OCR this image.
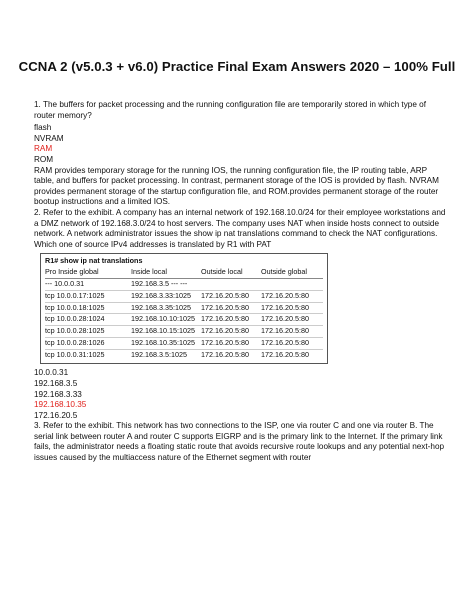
CCNA 2 (v5.0.3 + v6.0) Practice Final Exam Answers 2020 – 100% Full
1. The buffers for packet processing and the running configuration file are temporarily stored in which type of router memory?
flash
NVRAM
RAM
ROM
RAM provides temporary storage for the running IOS, the running configuration file, the IP routing table, ARP table, and buffers for packet processing. In contrast, permanent storage of the IOS is provided by flash. NVRAM provides permanent storage of the startup configuration file, and ROM.provides permanent storage of the router bootup instructions and a limited IOS.
2. Refer to the exhibit. A company has an internal network of 192.168.10.0/24 for their employee workstations and a DMZ network of 192.168.3.0/24 to host servers. The company uses NAT when inside hosts connect to outside network. A network administrator issues the show ip nat translations command to check the NAT configurations. Which one of source IPv4 addresses is translated by R1 with PAT
R1# show ip nat translations
Pro Inside global	Inside local	Outside local	Outside global
--- 10.0.0.31	192.168.3.5 --- ---		
tcp 10.0.0.17:1025	192.168.3.33:1025	172.16.20.5:80	172.16.20.5:80
tcp 10.0.0.18:1025	192.168.3.35:1025	172.16.20.5:80	172.16.20.5:80
tcp 10.0.0.28:1024	192.168.10.10:1025	172.16.20.5:80	172.16.20.5:80
tcp 10.0.0.28:1025	192.168.10.15:1025	172.16.20.5:80	172.16.20.5:80
tcp 10.0.0.28:1026	192.168.10.35:1025	172.16.20.5:80	172.16.20.5:80
tcp 10.0.0.31:1025	192.168.3.5:1025	172.16.20.5:80	172.16.20.5:80
10.0.0.31
192.168.3.5
192.168.3.33
192.168.10.35
172.16.20.5
3. Refer to the exhibit. This network has two connections to the ISP, one via router C and one via router B. The serial link between router A and router C supports EIGRP and is the primary link to the Internet. If the primary link fails, the administrator needs a floating static route that avoids recursive route lookups and any potential next-hop issues caused by the multiaccess nature of the Ethernet segment with router
